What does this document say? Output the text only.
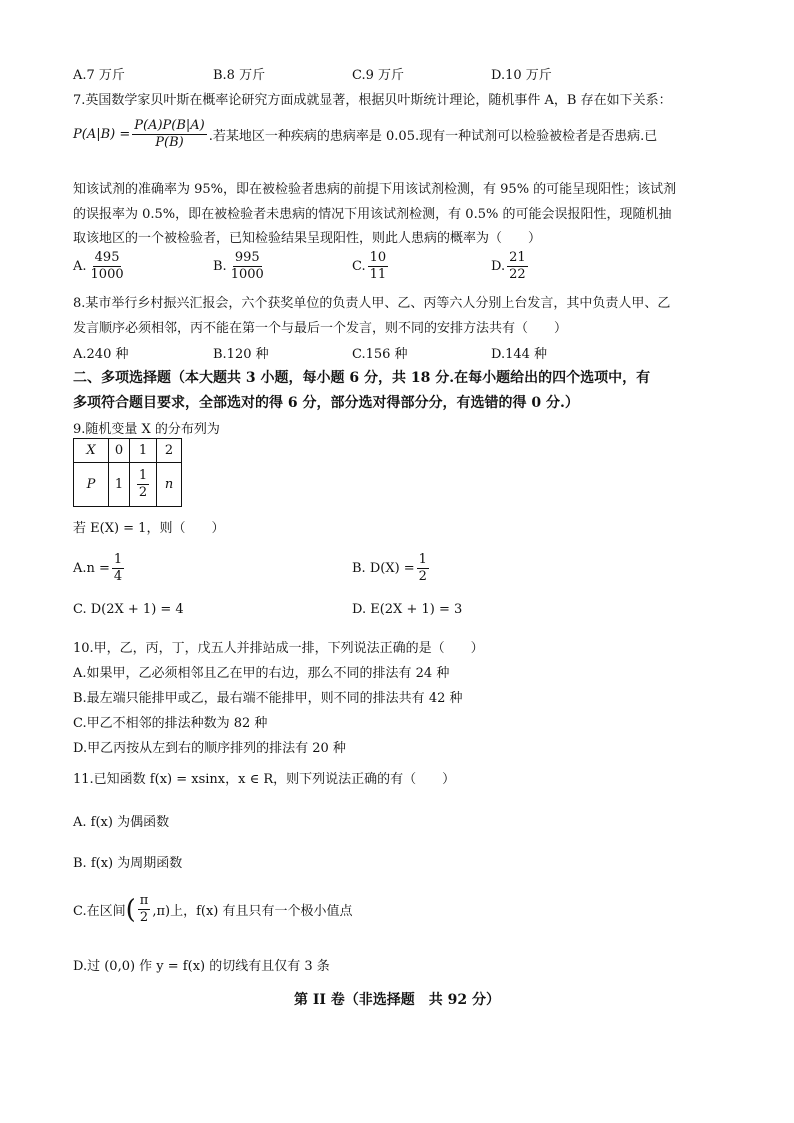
A.7 万斤	B.8 万斤	C.9 万斤	D.10 万斤
7.英国数学家贝叶斯在概率论研究方面成就显著，根据贝叶斯统计理论，随机事件 A，B 存在如下关系：
$P(A|B) = \frac{P(A)P(B|A)}{P(B)}$ .若某地区一种疾病的患病率是 0.05.现有一种试剂可以检验被检者是否患病.已
知该试剂的准确率为 95%，即在被检验者患病的前提下用该试剂检测，有 95% 的可能呈现阳性；该试剂
的误报率为 0.5%，即在被检验者未患病的情况下用该试剂检测，有 0.5% 的可能会误报阳性，现随机抽
取该地区的一个被检验者，已知检验结果呈现阳性，则此人患病的概率为（　　）
A. $\frac{495}{1000}$	B. $\frac{995}{1000}$	C. $\frac{10}{11}$	D. $\frac{21}{22}$
8.某市举行乡村振兴汇报会，六个获奖单位的负责人甲、乙、丙等六人分别上台发言，其中负责人甲、乙
发言顺序必须相邻，丙不能在第一个与最后一个发言，则不同的安排方法共有（　　）
A.240 种	B.120 种	C.156 种	D.144 种
二、多项选择题（本大题共 3 小题，每小题 6 分，共 18 分.在每小题给出的四个选项中，有
多项符合题目要求，全部选对的得 6 分，部分选对得部分分，有选错的得 0 分.）
9.随机变量 X 的分布列为
X	0	1	2
P	1	$\frac{1}{2}$	n
若 E(X) = 1，则（　　）
$A.n = \frac{1}{4}$	B. $D(X) = \frac{1}{2}$
C. D(2X + 1) = 4	D. E(2X + 1) = 3
10.甲，乙，丙，丁，戊五人并排站成一排，下列说法正确的是（　　）
A.如果甲，乙必须相邻且乙在甲的右边，那么不同的排法有 24 种
B.最左端只能排甲或乙，最右端不能排甲，则不同的排法共有 42 种
C.甲乙不相邻的排法种数为 82 种
D.甲乙丙按从左到右的顺序排列的排法有 20 种
11.已知函数 f(x) = xsinx，x ∈ R，则下列说法正确的有（　　）
A. f(x) 为偶函数
B. f(x) 为周期函数
C.在区间 ( $\frac{\pi}{2} ,\pi$)上，f(x) 有且只有一个极小值点
D.过 (0,0) 作 y = f(x) 的切线有且仅有 3 条
第 II 卷（非选择题　共 92 分）
